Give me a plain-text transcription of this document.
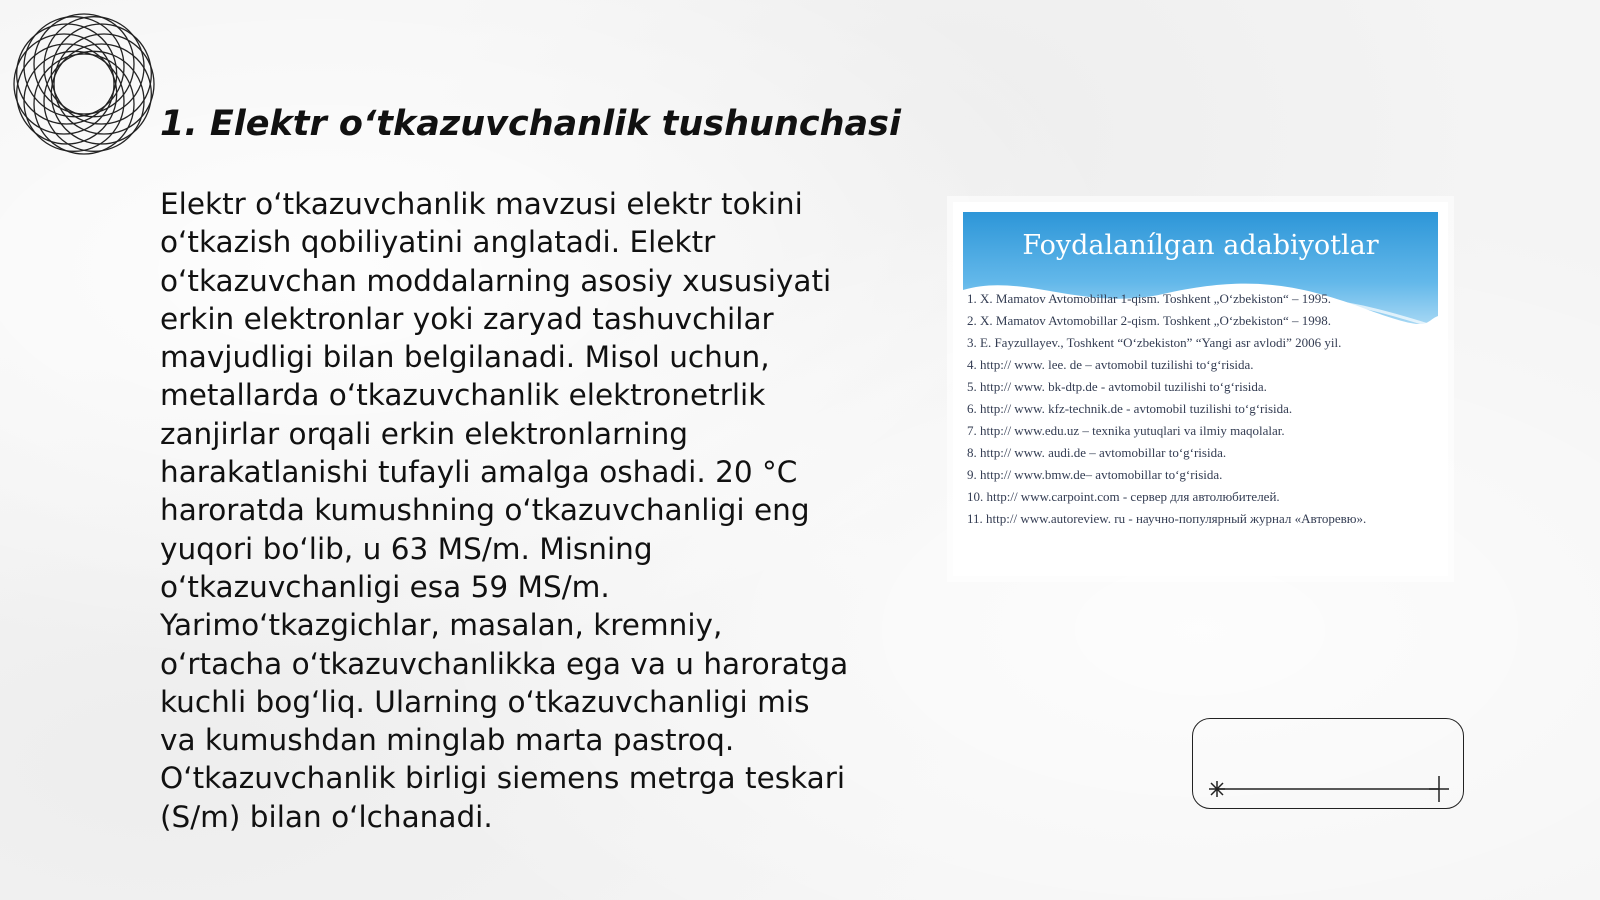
1. Elektr o‘tkazuvchanlik tushunchasi

Elektr o‘tkazuvchanlik mavzusi elektr tokini o‘tkazish qobiliyatini anglatadi. Elektr o‘tkazuvchan moddalarning asosiy xususiyati erkin elektronlar yoki zaryad tashuvchilar mavjudligi bilan belgilanadi. Misol uchun, metallarda o‘tkazuvchanlik elektronetrlik zanjirlar orqali erkin elektronlarning harakatlanishi tufayli amalga oshadi. 20 °C haroratda kumushning o‘tkazuvchanligi eng yuqori bo‘lib, u 63 MS/m. Misning o‘tkazuvchanligi esa 59 MS/m. Yarimo‘tkazgichlar, masalan, kremniy, o‘rtacha o‘tkazuvchanlikka ega va u haroratga kuchli bog‘liq. Ularning o‘tkazuvchanligi mis va kumushdan minglab marta pastroq. O‘tkazuvchanlik birligi siemens metrga teskari (S/m) bilan o‘lchanadi.

Foydalanílgan adabiyotlar
1. X. Mamatov Avtomobillar 1-qism. Toshkent „O‘zbekiston“ – 1995.
2. X. Mamatov Avtomobillar 2-qism. Toshkent „O‘zbekiston“ – 1998.
3. E. Fayzullayev., Toshkent “O‘zbekiston” “Yangi asr avlodi” 2006 yil.
4. http:// www. lee. de – avtomobil tuzilishi to‘g‘risida.
5. http:// www. bk-dtp.de - avtomobil tuzilishi to‘g‘risida.
6. http:// www. kfz-technik.de - avtomobil tuzilishi to‘g‘risida.
7. http:// www.edu.uz – texnika yutuqlari va ilmiy maqolalar.
8. http:// www. audi.de – avtomobillar to‘g‘risida.
9. http:// www.bmw.de– avtomobillar to‘g‘risida.
10. http:// www.carpoint.com - сервер для автолюбителей.
11. http:// www.autoreview. ru - научно-популярный журнал «Авторевю».
